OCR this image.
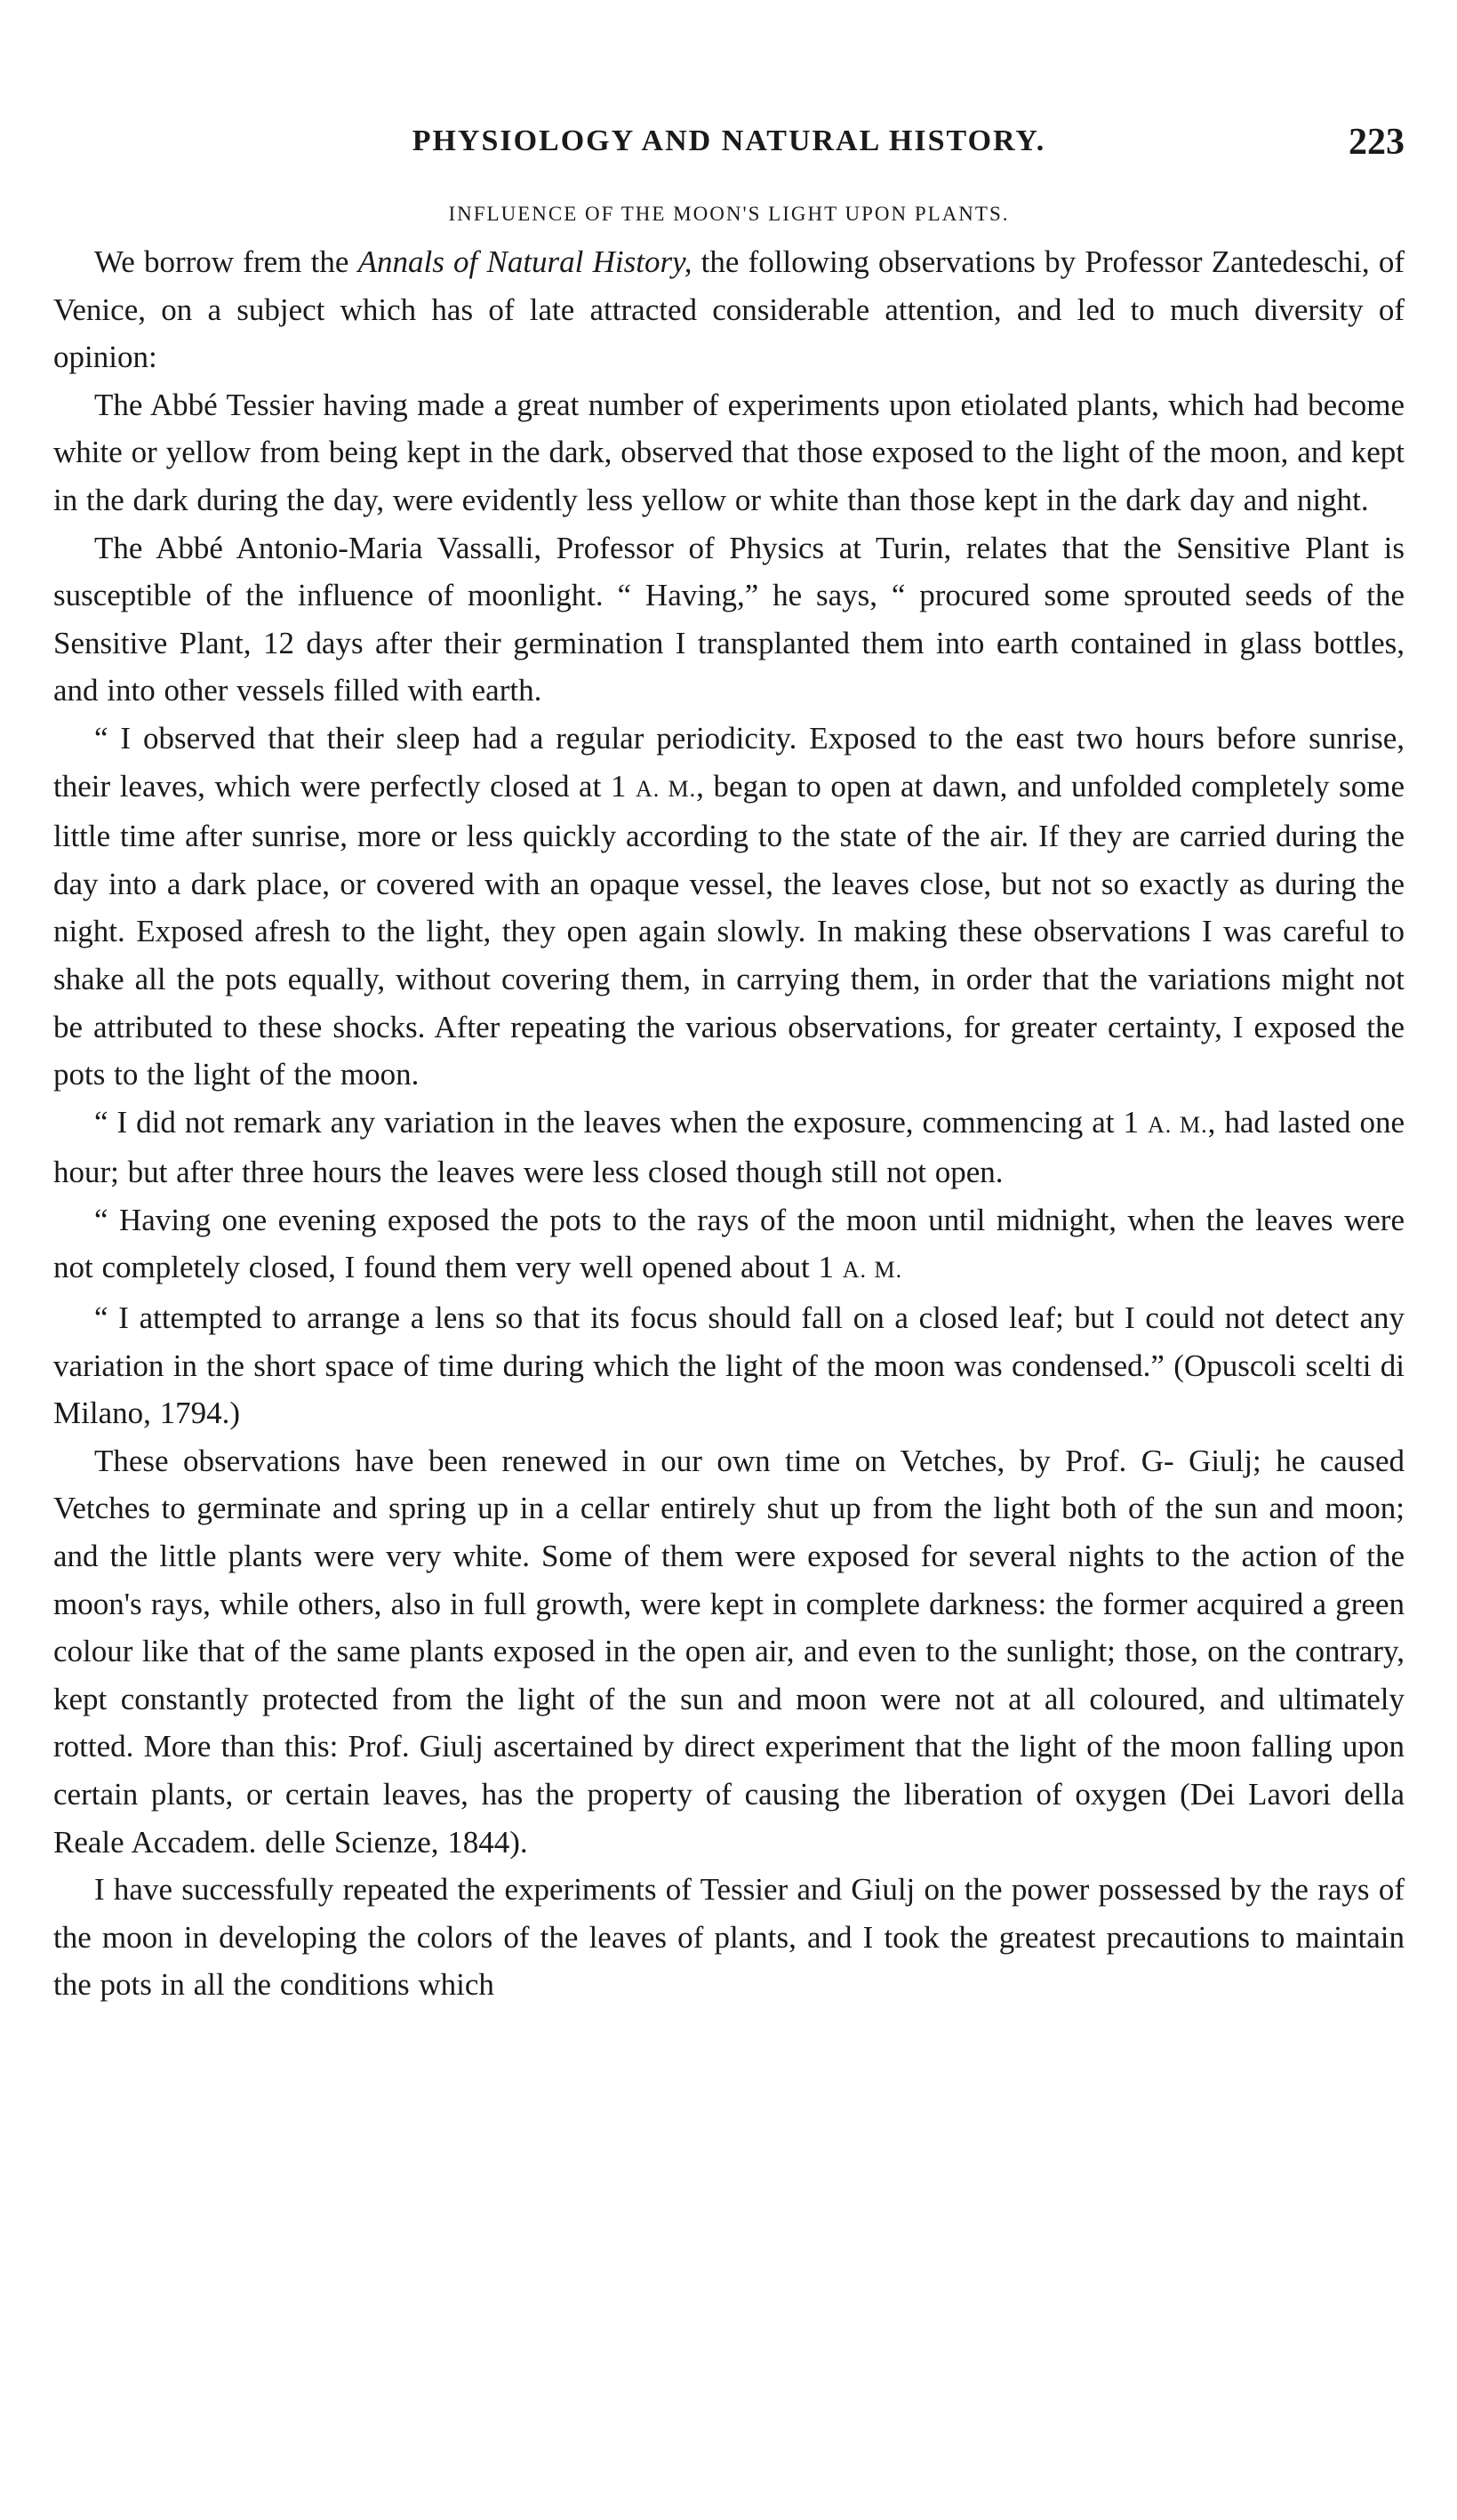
PHYSIOLOGY AND NATURAL HISTORY.	223
INFLUENCE OF THE MOON'S LIGHT UPON PLANTS.

We borrow frem the Annals of Natural History, the following observations by Professor Zantedeschi, of Venice, on a subject which has of late attracted considerable attention, and led to much diversity of opinion:

The Abbé Tessier having made a great number of experiments upon etiolated plants, which had become white or yellow from being kept in the dark, observed that those exposed to the light of the moon, and kept in the dark during the day, were evidently less yellow or white than those kept in the dark day and night.

The Abbé Antonio-Maria Vassalli, Professor of Physics at Turin, relates that the Sensitive Plant is susceptible of the influence of moonlight. “ Having,” he says, “ procured some sprouted seeds of the Sensitive Plant, 12 days after their germination I transplanted them into earth contained in glass bottles, and into other vessels filled with earth.

“ I observed that their sleep had a regular periodicity. Exposed to the east two hours before sunrise, their leaves, which were perfectly closed at 1 A. M., began to open at dawn, and unfolded completely some little time after sunrise, more or less quickly according to the state of the air. If they are carried during the day into a dark place, or covered with an opaque vessel, the leaves close, but not so exactly as during the night. Exposed afresh to the light, they open again slowly. In making these observations I was careful to shake all the pots equally, without covering them, in carrying them, in order that the variations might not be attributed to these shocks. After repeating the various observations, for greater certainty, I exposed the pots to the light of the moon.

“ I did not remark any variation in the leaves when the exposure, commencing at 1 A. M., had lasted one hour; but after three hours the leaves were less closed though still not open.

“ Having one evening exposed the pots to the rays of the moon until midnight, when the leaves were not completely closed, I found them very well opened about 1 A. M.

“ I attempted to arrange a lens so that its focus should fall on a closed leaf; but I could not detect any variation in the short space of time during which the light of the moon was condensed.” (Opuscoli scelti di Milano, 1794.)

These observations have been renewed in our own time on Vetches, by Prof. G- Giulj; he caused Vetches to germinate and spring up in a cellar entirely shut up from the light both of the sun and moon; and the little plants were very white. Some of them were exposed for several nights to the action of the moon's rays, while others, also in full growth, were kept in complete darkness: the former acquired a green colour like that of the same plants exposed in the open air, and even to the sunlight; those, on the contrary, kept constantly protected from the light of the sun and moon were not at all coloured, and ultimately rotted. More than this: Prof. Giulj ascertained by direct experiment that the light of the moon falling upon certain plants, or certain leaves, has the property of causing the liberation of oxygen (Dei Lavori della Reale Accadem. delle Scienze, 1844).

I have successfully repeated the experiments of Tessier and Giulj on the power possessed by the rays of the moon in developing the colors of the leaves of plants, and I took the greatest precautions to maintain the pots in all the conditions which
